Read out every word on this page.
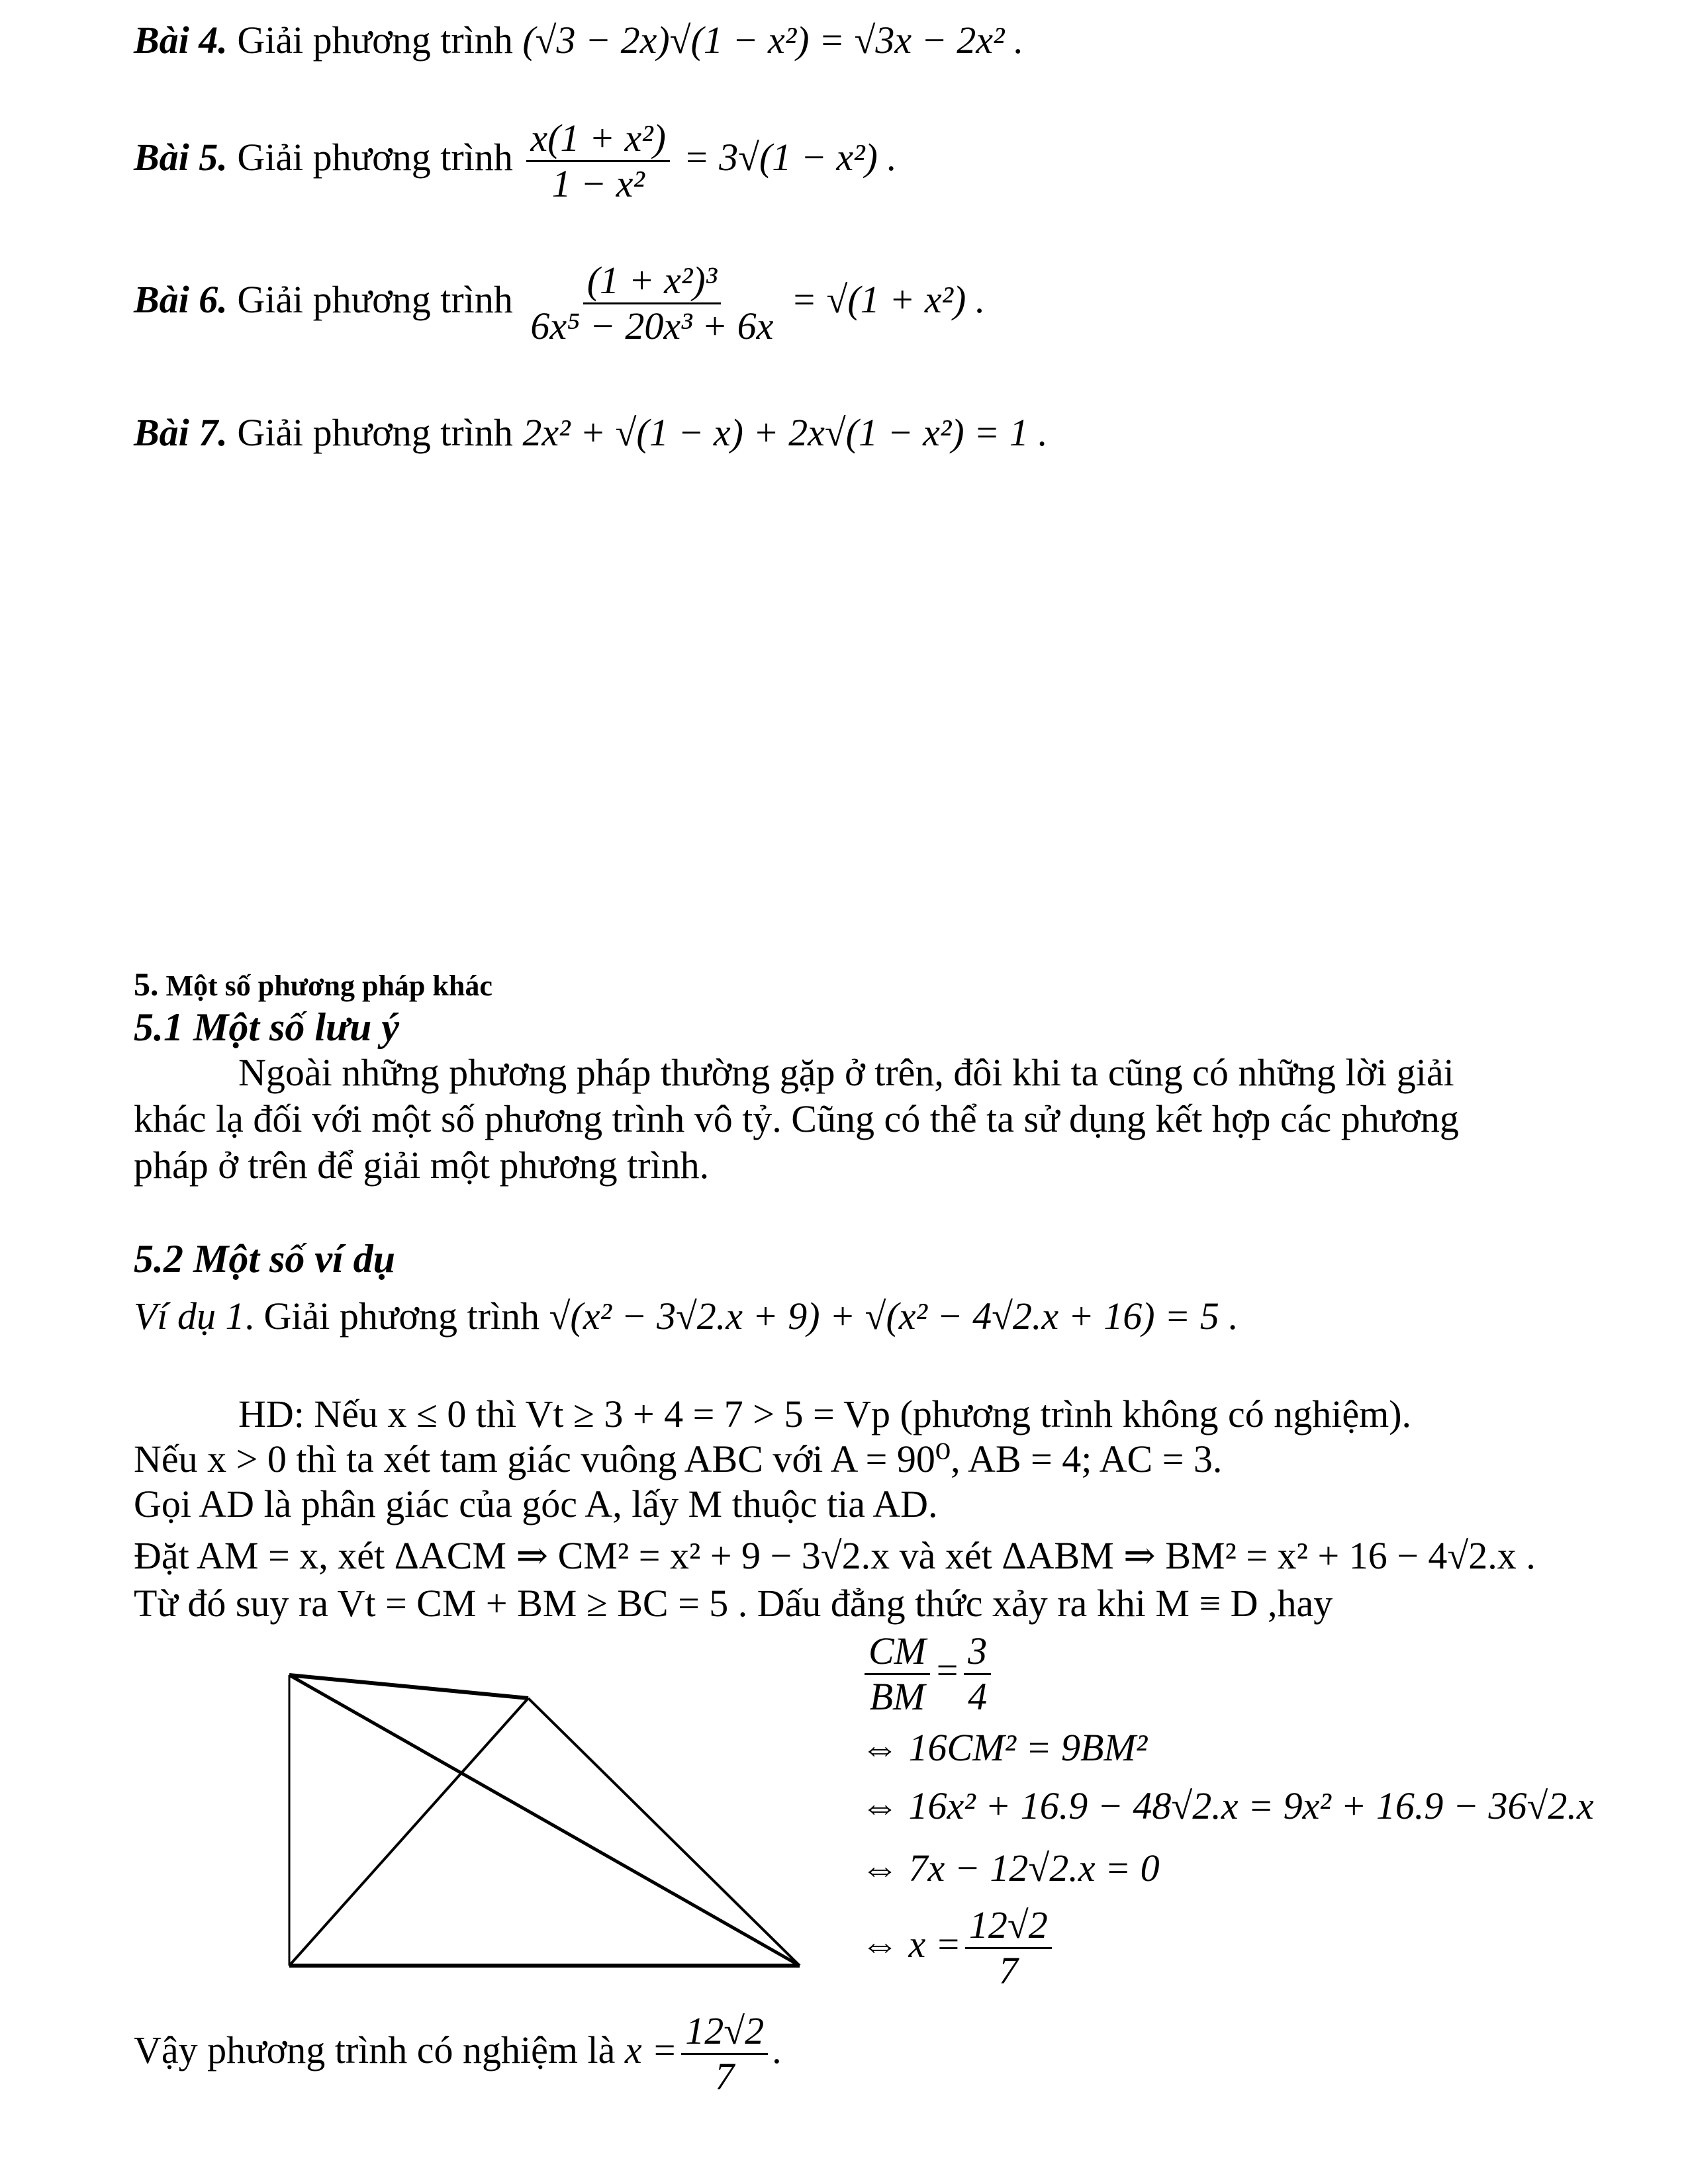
Bài 4. Giải phương trình (√3 − 2x)√(1 − x²) = √3x − 2x² .
Bài 5. Giải phương trình $\frac{\text{x(1 + x²)}}{\text{1 − x²}} = 3√(1 - x^2)$ .
Bài 6. Giải phương trình $\frac{\text{(1 + x²)³}}{\text{6x⁵ − 20x³ + 6x}} = √(1 + x^2)$ .
Bài 7. Giải phương trình 2x² + √(1 − x) + 2x√(1 − x²) = 1 .
5. Một số phương pháp khác
5.1 Một số lưu ý
Ngoài những phương pháp thường gặp ở trên, đôi khi ta cũng có những lời giải
khác lạ đối với một số phương trình vô tỷ. Cũng có thể ta sử dụng kết hợp các phương
pháp ở trên để giải một phương trình.
5.2 Một số ví dụ
Ví dụ 1. Giải phương trình √(x² − 3√2.x + 9) + √(x² − 4√2.x + 16) = 5 .
HD: Nếu x ≤ 0 thì Vt ≥ 3 + 4 = 7 > 5 = Vp (phương trình không có nghiệm).
Nếu x > 0 thì ta xét tam giác vuông ABC với A = 90⁰, AB = 4; AC = 3.
Gọi AD là phân giác của góc A, lấy M thuộc tia AD.
Đặt AM = x, xét ΔACM ⇒ CM² = x² + 9 − 3√2.x và xét ΔABM ⇒ BM² = x² + 16 − 4√2.x .
Từ đó suy ra Vt = CM + BM ≥ BC = 5 . Dấu đẳng thức xảy ra khi M ≡ D ,hay
$\frac{CM}{BM} = \frac{3}{4}$
⇔ 16CM² = 9BM²
⇔ 16x² + 16.9 − 48√2.x = 9x² + 16.9 − 36√2.x
⇔ 7x − 12√2.x = 0
⇔ $x = \frac{12√2}{7}$
Vậy phương trình có nghiệm là $x = \frac{12√2}{7}$ .
